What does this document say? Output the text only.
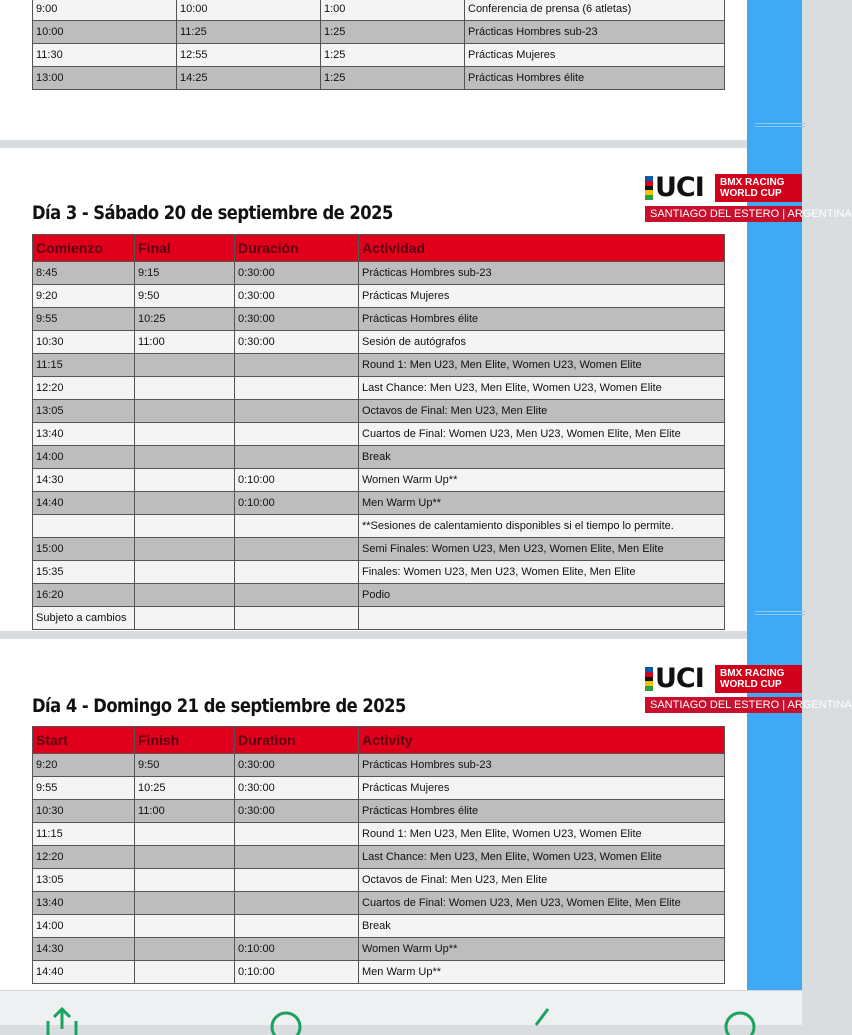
9:00	10:00	1:00	Conferencia de prensa (6 atletas)
10:00	11:25	1:25	Prácticas Hombres sub-23
11:30	12:55	1:25	Prácticas Mujeres
13:00	14:25	1:25	Prácticas Hombres élite
UCI BMX RACING
WORLD CUP
SANTIAGO DEL ESTERO | ARGENTINA
Día 3 - Sábado 20 de septiembre de 2025
Comienzo	Final	Duración	Actividad
8:45	9:15	0:30:00	Prácticas Hombres sub-23
9:20	9:50	0:30:00	Prácticas Mujeres
9:55	10:25	0:30:00	Prácticas Hombres élite
10:30	11:00	0:30:00	Sesión de autógrafos
11:15			Round 1: Men U23, Men Elite, Women U23, Women Elite
12:20			Last Chance: Men U23, Men Elite, Women U23, Women Elite
13:05			Octavos de Final: Men U23, Men Elite
13:40			Cuartos de Final: Women U23, Men U23, Women Elite, Men Elite
14:00			Break
14:30		0:10:00	Women Warm Up**
14:40		0:10:00	Men Warm Up**
			**Sesiones de calentamiento disponibles si el tiempo lo permite.
15:00			Semi Finales: Women U23, Men U23, Women Elite, Men Elite
15:35			Finales: Women U23, Men U23, Women Elite, Men Elite
16:20			Podio
Subjeto a cambios			
UCI BMX RACING
WORLD CUP
SANTIAGO DEL ESTERO | ARGENTINA
Día 4 - Domingo 21 de septiembre de 2025
Start	Finish	Duration	Activity
9:20	9:50	0:30:00	Prácticas Hombres sub-23
9:55	10:25	0:30:00	Prácticas Mujeres
10:30	11:00	0:30:00	Prácticas Hombres élite
11:15			Round 1: Men U23, Men Elite, Women U23, Women Elite
12:20			Last Chance: Men U23, Men Elite, Women U23, Women Elite
13:05			Octavos de Final: Men U23, Men Elite
13:40			Cuartos de Final: Women U23, Men U23, Women Elite, Men Elite
14:00			Break
14:30		0:10:00	Women Warm Up**
14:40		0:10:00	Men Warm Up**
